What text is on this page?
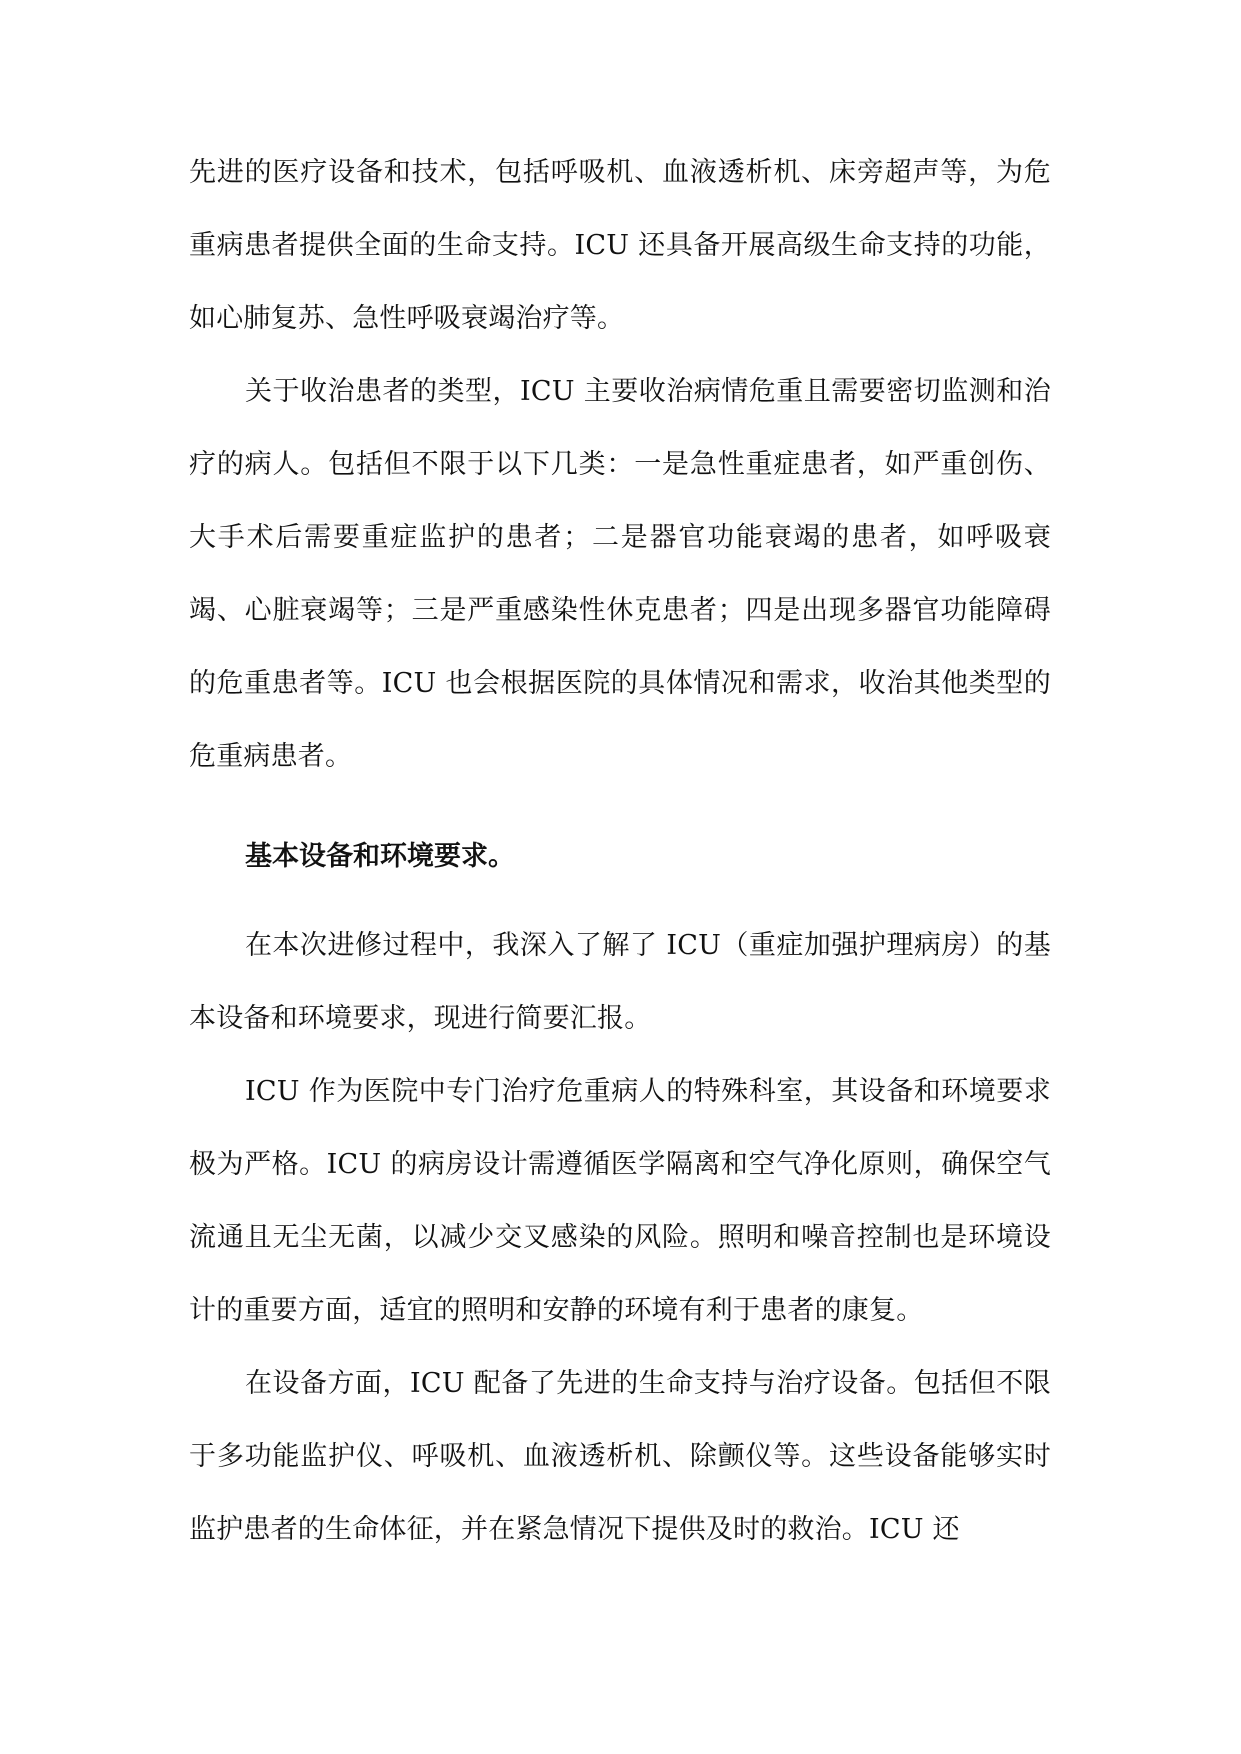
先进的医疗设备和技术，包括呼吸机、血液透析机、床旁超声等，为危重病患者提供全面的生命支持。ICU 还具备开展高级生命支持的功能，如心肺复苏、急性呼吸衰竭治疗等。

关于收治患者的类型，ICU 主要收治病情危重且需要密切监测和治疗的病人。包括但不限于以下几类：一是急性重症患者，如严重创伤、大手术后需要重症监护的患者；二是器官功能衰竭的患者，如呼吸衰竭、心脏衰竭等；三是严重感染性休克患者；四是出现多器官功能障碍的危重患者等。ICU 也会根据医院的具体情况和需求，收治其他类型的危重病患者。

基本设备和环境要求。

在本次进修过程中，我深入了解了 ICU（重症加强护理病房）的基本设备和环境要求，现进行简要汇报。

ICU 作为医院中专门治疗危重病人的特殊科室，其设备和环境要求极为严格。ICU 的病房设计需遵循医学隔离和空气净化原则，确保空气流通且无尘无菌，以减少交叉感染的风险。照明和噪音控制也是环境设计的重要方面，适宜的照明和安静的环境有利于患者的康复。

在设备方面，ICU 配备了先进的生命支持与治疗设备。包括但不限于多功能监护仪、呼吸机、血液透析机、除颤仪等。这些设备能够实时监护患者的生命体征，并在紧急情况下提供及时的救治。ICU 还
